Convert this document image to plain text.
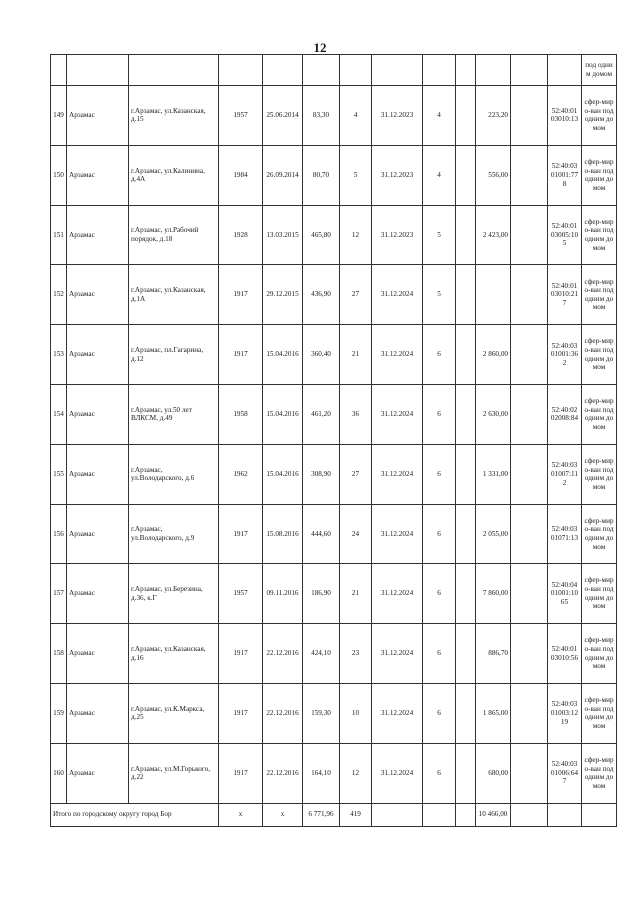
12
													под одним домом
149	Арзамас	г.Арзамас, ул.Казанская, д.15	1957	25.06.2014	83,30	4	31.12.2023	4		223,20		52:40:0103010:13	сфер-миро-ван под одним домом
150	Арзамас	г.Арзамас, ул.Калинина, д.4А	1984	26.09.2014	80,70	5	31.12.2023	4		556,00		52:40:0301001:778	сфер-миро-ван под одним домом
151	Арзамас	г.Арзамас, ул.Рабочий порядок, д.18	1928	13.03.2015	465,80	12	31.12.2023	5		2 423,00		52:40:0103005:105	сфер-миро-ван под одним домом
152	Арзамас	г.Арзамас, ул.Казанская, д.1А	1917	29.12.2015	436,90	27	31.12.2024	5				52:40:0103010:217	сфер-миро-ван под одним домом
153	Арзамас	г.Арзамас, пл.Гагарина, д.12	1917	15.04.2016	360,40	21	31.12.2024	6		2 860,00		52:40:0301001:362	сфер-миро-ван под одним домом
154	Арзамас	г.Арзамас, ул.50 лет ВЛКСМ, д.49	1958	15.04.2016	461,20	36	31.12.2024	6		2 630,00		52:40:0202008:84	сфер-миро-ван под одним домом
155	Арзамас	г.Арзамас, ул.Володарского, д.6	1962	15.04.2016	308,90	27	31.12.2024	6		1 331,00		52:40:0301007:112	сфер-миро-ван под одним домом
156	Арзамас	г.Арзамас, ул.Володарского, д.9	1917	15.08.2016	444,60	24	31.12.2024	6		2 055,00		52:40:0301071:13	сфер-миро-ван под одним домом
157	Арзамас	г.Арзамас, ул.Березина, д.36, к.Г	1957	09.11.2016	186,90	21	31.12.2024	6		7 860,00		52:40:0401001:1065	сфер-миро-ван под одним домом
158	Арзамас	г.Арзамас, ул.Казанская, д.16	1917	22.12.2016	424,10	23	31.12.2024	6		886,70		52:40:0103010:56	сфер-миро-ван под одним домом
159	Арзамас	г.Арзамас, ул.К.Маркса, д.25	1917	22.12.2016	159,30	10	31.12.2024	6		1 865,00		52:40:0301003:1219	сфер-миро-ван под одним домом
160	Арзамас	г.Арзамас, ул.М.Горького, д.22	1917	22.12.2016	164,10	12	31.12.2024	6		680,00		52:40:0301006:647	сфер-миро-ван под одним домом
Итого по городскому округу город Бор			х	х	6 771,96	419				10 466,00			
